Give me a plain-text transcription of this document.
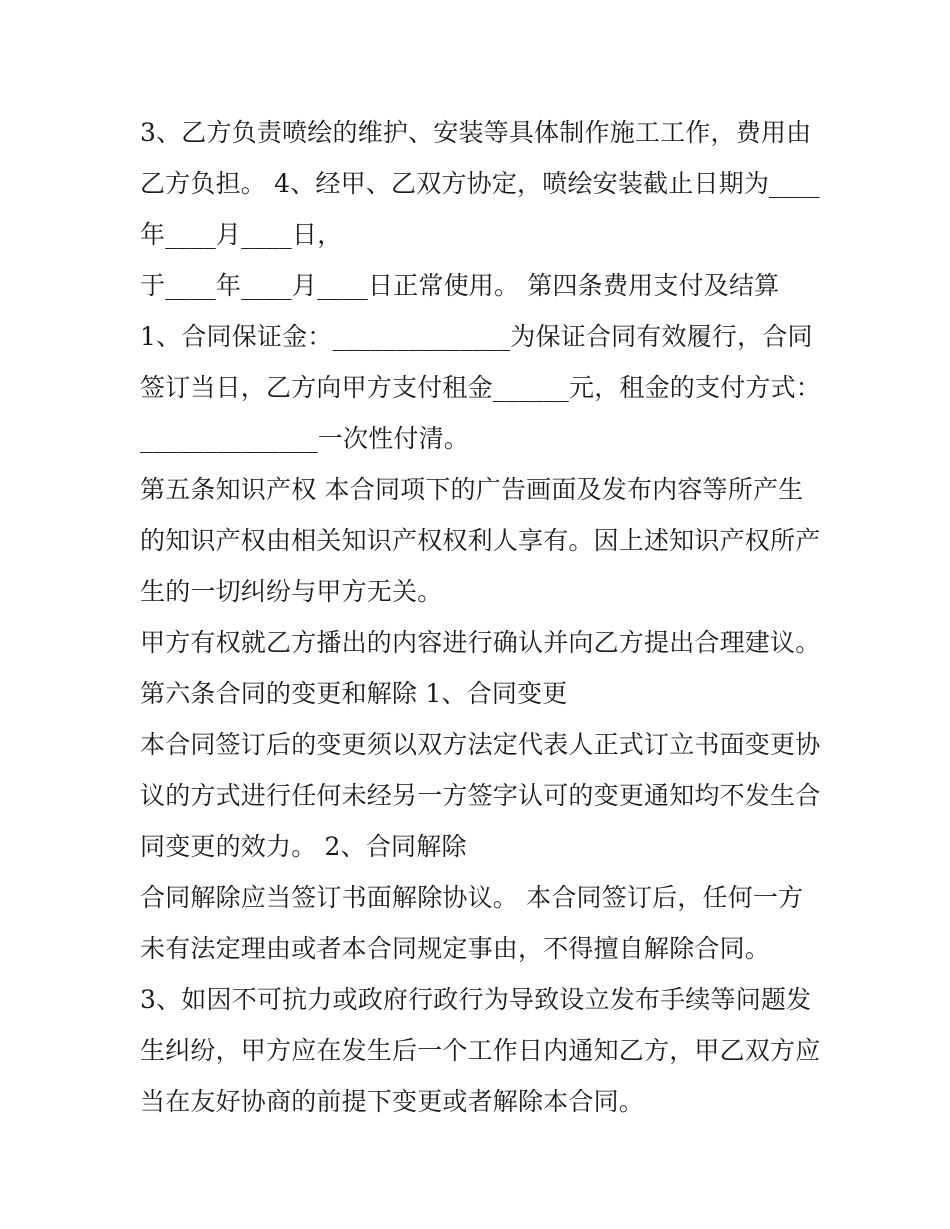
3、乙方负责喷绘的维护、安装等具体制作施工工作，费用由
乙方负担。 4、经甲、乙双方协定，喷绘安装截止日期为____
年____月____日，
于____年____月____日正常使用。 第四条费用支付及结算
1、合同保证金：______________为保证合同有效履行，合同
签订当日，乙方向甲方支付租金______元，租金的支付方式：
______________一次性付清。
第五条知识产权 本合同项下的广告画面及发布内容等所产生
的知识产权由相关知识产权权利人享有。因上述知识产权所产
生的一切纠纷与甲方无关。
甲方有权就乙方播出的内容进行确认并向乙方提出合理建议。
第六条合同的变更和解除 1、合同变更
本合同签订后的变更须以双方法定代表人正式订立书面变更协
议的方式进行任何未经另一方签字认可的变更通知均不发生合
同变更的效力。 2、合同解除
合同解除应当签订书面解除协议。 本合同签订后，任何一方
未有法定理由或者本合同规定事由，不得擅自解除合同。
3、如因不可抗力或政府行政行为导致设立发布手续等问题发
生纠纷，甲方应在发生后一个工作日内通知乙方，甲乙双方应
当在友好协商的前提下变更或者解除本合同。
